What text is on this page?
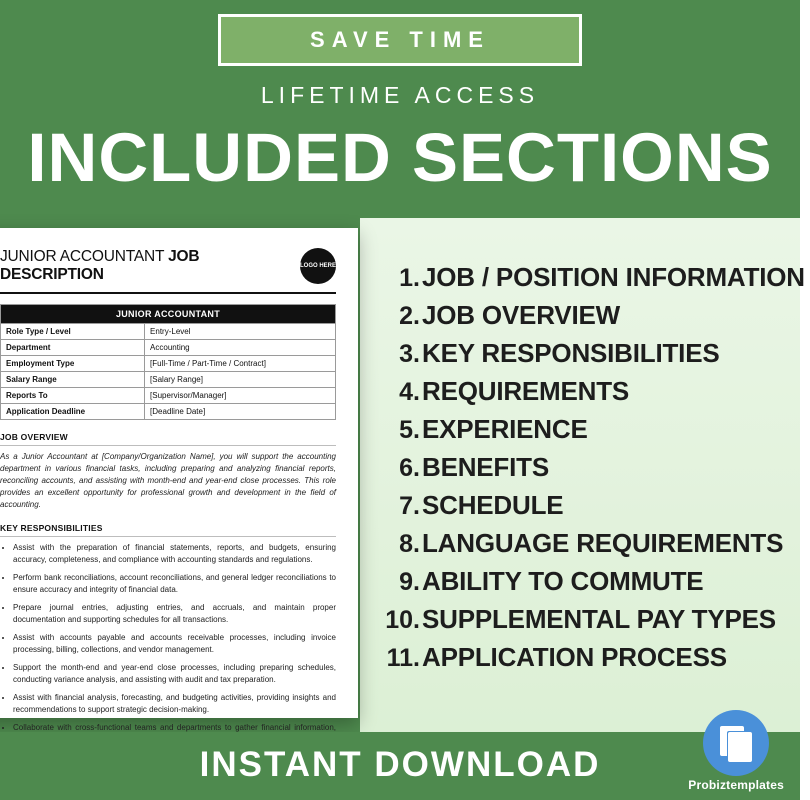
SAVE TIME
LIFETIME ACCESS
INCLUDED SECTIONS
JUNIOR ACCOUNTANT JOB DESCRIPTION
LOGO HERE
JUNIOR ACCOUNTANT	
Role Type / Level	Entry-Level
Department	Accounting
Employment Type	[Full-Time / Part-Time / Contract]
Salary Range	[Salary Range]
Reports To	[Supervisor/Manager]
Application Deadline	[Deadline Date]
JOB OVERVIEW
As a Junior Accountant at [Company/Organization Name], you will support the accounting department in various financial tasks, including preparing and analyzing financial reports, reconciling accounts, and assisting with month-end and year-end close processes. This role provides an excellent opportunity for professional growth and development in the field of accounting.
KEY RESPONSIBILITIES
• Assist with the preparation of financial statements, reports, and budgets, ensuring accuracy, completeness, and compliance with accounting standards and regulations.
• Perform bank reconciliations, account reconciliations, and general ledger reconciliations to ensure accuracy and integrity of financial data.
• Prepare journal entries, adjusting entries, and accruals, and maintain proper documentation and supporting schedules for all transactions.
• Assist with accounts payable and accounts receivable processes, including invoice processing, billing, collections, and vendor management.
• Support the month-end and year-end close processes, including preparing schedules, conducting variance analysis, and assisting with audit and tax preparation.
• Assist with financial analysis, forecasting, and budgeting activities, providing insights and recommendations to support strategic decision-making.
• Collaborate with cross-functional teams and departments to gather financial information,
1. JOB / POSITION INFORMATION
2. JOB OVERVIEW
3. KEY RESPONSIBILITIES
4. REQUIREMENTS
5. EXPERIENCE
6. BENEFITS
7. SCHEDULE
8. LANGUAGE REQUIREMENTS
9. ABILITY TO COMMUTE
10. SUPPLEMENTAL PAY TYPES
11. APPLICATION PROCESS
INSTANT DOWNLOAD
Probiztemplates
